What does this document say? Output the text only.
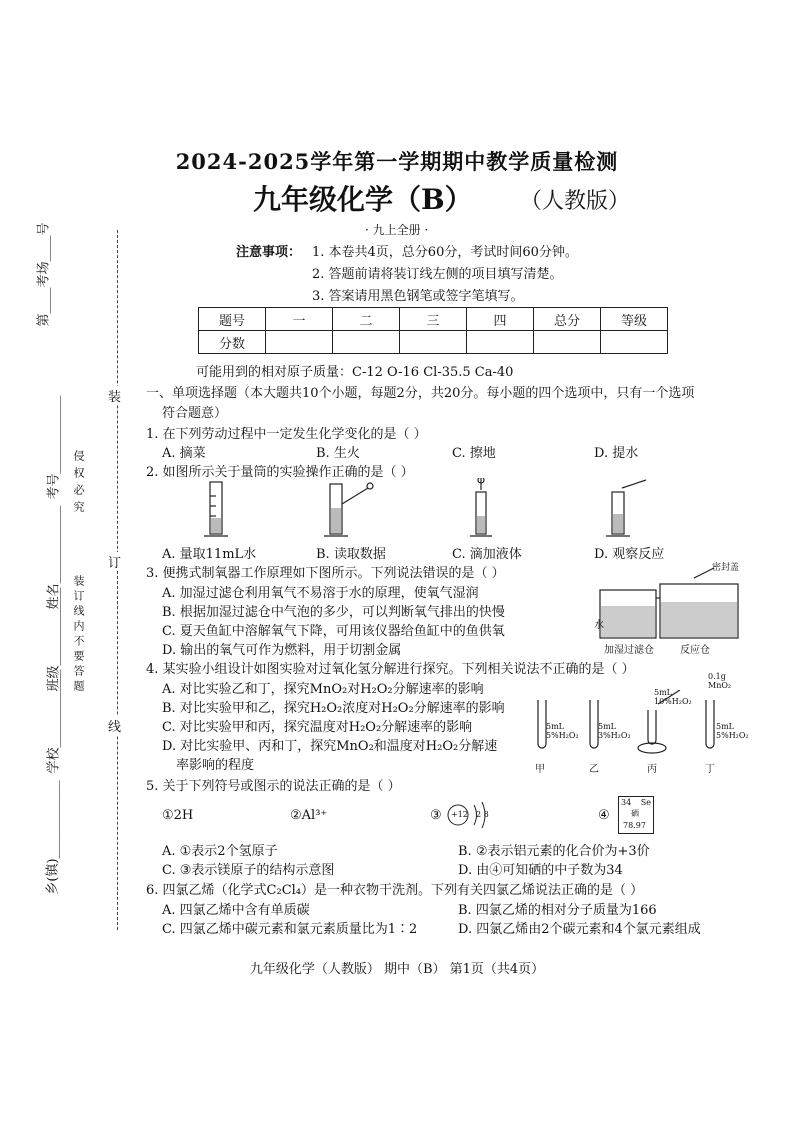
第____考场____号
考号____________
姓名____________
班级____________
学校____________
乡(镇)____________
侵权必究
装订线内不要答题
装
订
线
2024-2025学年第一学期期中教学质量检测
九年级化学（B） （人教版）
· 九上全册 ·
注意事项： 1. 本卷共4页，总分60分，考试时间60分钟。
2. 答题前请将装订线左侧的项目填写清楚。
3. 答案请用黑色钢笔或签字笔填写。
题号	一	二	三	四	总分	等级
分数						
可能用到的相对原子质量：C-12 O-16 Cl-35.5 Ca-40
一、单项选择题（本大题共10个小题，每题2分，共20分。每小题的四个选项中，只有一个选项
符合题意）
1. 在下列劳动过程中一定发生化学变化的是（ ）
A. 摘菜	B. 生火	C. 擦地	D. 提水
2. 如图所示关于量筒的实验操作正确的是（ ）
A. 量取11mL水	B. 读取数据	C. 滴加液体	D. 观察反应
3. 便携式制氧器工作原理如下图所示。下列说法错误的是（ ）
A. 加湿过滤仓利用氧气不易溶于水的原理，使氧气湿润
B. 根据加湿过滤仓中气泡的多少，可以判断氧气排出的快慢
C. 夏天鱼缸中溶解氧气下降，可用该仪器给鱼缸中的鱼供氧
D. 输出的氧气可作为燃料，用于切割金属
密封盖
水
加湿过滤仓	反应仓
4. 某实验小组设计如图实验对过氧化氢分解进行探究。下列相关说法不正确的是（ ）
A. 对比实验乙和丁，探究MnO₂对H₂O₂分解速率的影响
B. 对比实验甲和乙，探究H₂O₂浓度对H₂O₂分解速率的影响
C. 对比实验甲和丙，探究温度对H₂O₂分解速率的影响
D. 对比实验甲、丙和丁，探究MnO₂和温度对H₂O₂分解速
率影响的程度
5mL 5%H₂O₂
5mL 3%H₂O₂
5mL 10%H₂O₂
0.1g MnO₂
5mL 5%H₂O₂
甲	乙	丙	丁
5. 关于下列符号或图示的说法正确的是（ ）
①2H	②Al³⁺	③ +12 2 8	④
34 Se
硒
78.97
A. ①表示2个氢原子	B. ②表示铝元素的化合价为+3价
C. ③表示镁原子的结构示意图	D. 由④可知硒的中子数为34
6. 四氯乙烯（化学式C₂Cl₄）是一种衣物干洗剂。下列有关四氯乙烯说法正确的是（ ）
A. 四氯乙烯中含有单质碳	B. 四氯乙烯的相对分子质量为166
C. 四氯乙烯中碳元素和氯元素质量比为1∶2	D. 四氯乙烯由2个碳元素和4个氯元素组成
九年级化学（人教版） 期中（B） 第1页（共4页）
